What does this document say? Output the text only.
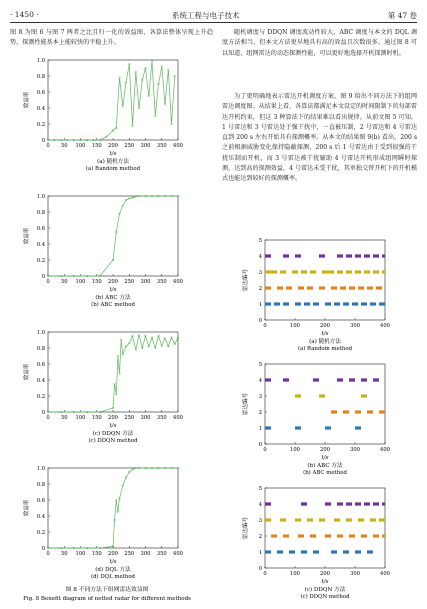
· 1450 ·	系统工程与电子技术	第 47 卷
图 8 为图 6 与图 7 两者之比且归一化的效益图，各算法整体呈现上升趋势，探测性能基本上能较快的平稳上升。
0
0.2
0.4
0.6
0.8
1.0
0 50 100 150 200 250 300 350 400
效益率
t/s
(a) 随机方法
(a) Random method
0
0.2
0.4
0.6
0.8
1.0
0 50 100 150 200 250 300 350 400
效益率
t/s
(b) ABC 方法
(b) ABC method
0
0.2
0.4
0.6
0.8
1.0
0 50 100 150 200 250 300 350 400
效益率
t/s
(c) DDQN 方法
(c) DDQN method
0
0.2
0.4
0.6
0.8
1.0
0 50 100 150 200 250 300 350 400
效益率
t/s
(d) DQL 方法
(d) DQL method
图 8 不同方法下组网雷达效益图
Fig. 8 Benefit diagram of netted radar for different methods
随机调度与 DDQN 调度波动性较大，ABC 调度与本文的 DQL 调度方法相当，但本文方法更早地具有高的效益且次数很多。通过图 8 可以知道，组网雷达的动态探测性能，可以更好地选择开机探测时机。
为了更明确地表示雷达开机调度方案，图 9 给出不同方法下的组网雷达调度图。从结果上看，各算法都满足本文设定的时间限制下的每部雷达开机约束，但这 3 种算法下的结果难以看出规律。从前文图 5 可知，1 号雷达和 3 号雷达处于强干扰中，一直被压制，2 号雷达和 4 号雷达直到 200 s 左右开始具有探测概率。从本文的结果图 9(b) 看出，200 s 之前根据威胁变化保持隐蔽探测，200 s 后 1 号雷达由于受到很强的干扰压制而开机，而 3 号雷达被干扰辅助 4 号雷达开机形成组网瞬时探测，达到高的探测效益，4 号雷达未受干扰，其单独交替开机下的开机模式也能达到较好的探测概率。
0
1
2
3
4
5
0	100	200	300	400
雷达编号
t/s
(a) 随机方法
(a) Random method
0
1
2
3
4
5
0	100	200	300	400
雷达编号
t/s
(b) ABC 方法
(b) ABC method
0
1
2
3
4
5
0	100	200	300	400
雷达编号
t/s
(c) DDQN 方法
(c) DDQN method
